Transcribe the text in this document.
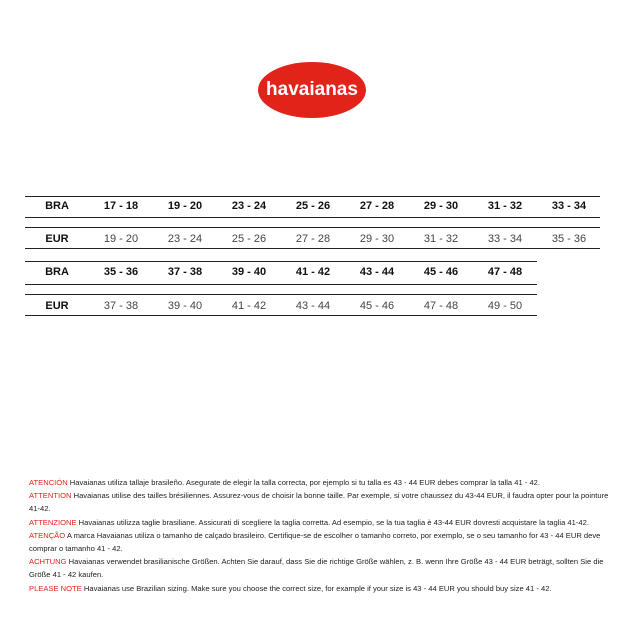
havaianas
BRA	17 - 18	19 - 20	23 - 24	25 - 26	27 - 28	29 - 30	31 - 32	33 - 34
EUR	19 - 20	23 - 24	25 - 26	27 - 28	29 - 30	31 - 32	33 - 34	35 - 36
BRA	35 - 36	37 - 38	39 - 40	41 - 42	43 - 44	45 - 46	47 - 48
EUR	37 - 38	39 - 40	41 - 42	43 - 44	45 - 46	47 - 48	49 - 50

ATENCIÓN Havaianas utiliza tallaje brasileño. Asegurate de elegir la talla correcta, por ejemplo si tu talla es 43 - 44 EUR debes comprar la talla 41 - 42.

ATTENTION Havaianas utilise des tailles brésiliennes. Assurez-vous de choisir la bonne taille. Par exemple, si votre chaussez du 43-44 EUR, il faudra opter pour la pointure 41-42.

ATTENZIONE Havaianas utilizza taglie brasiliane. Assicurati di scegliere la taglia corretta. Ad esempio, se la tua taglia è 43-44 EUR dovresti acquistare la taglia 41-42.

ATENÇÃO A marca Havaianas utiliza o tamanho de calçado brasileiro. Certifique-se de escolher o tamanho correto, por exemplo, se o seu tamanho for 43 - 44 EUR deve comprar o tamanho 41 - 42.

ACHTUNG Havaianas verwendet brasilianische Größen. Achten Sie darauf, dass Sie die richtige Größe wählen, z. B. wenn Ihre Größe 43 - 44 EUR beträgt, sollten Sie die Größe 41 - 42 kaufen.

PLEASE NOTE Havaianas use Brazilian sizing. Make sure you choose the correct size, for example if your size is 43 - 44 EUR you should buy size 41 - 42.
